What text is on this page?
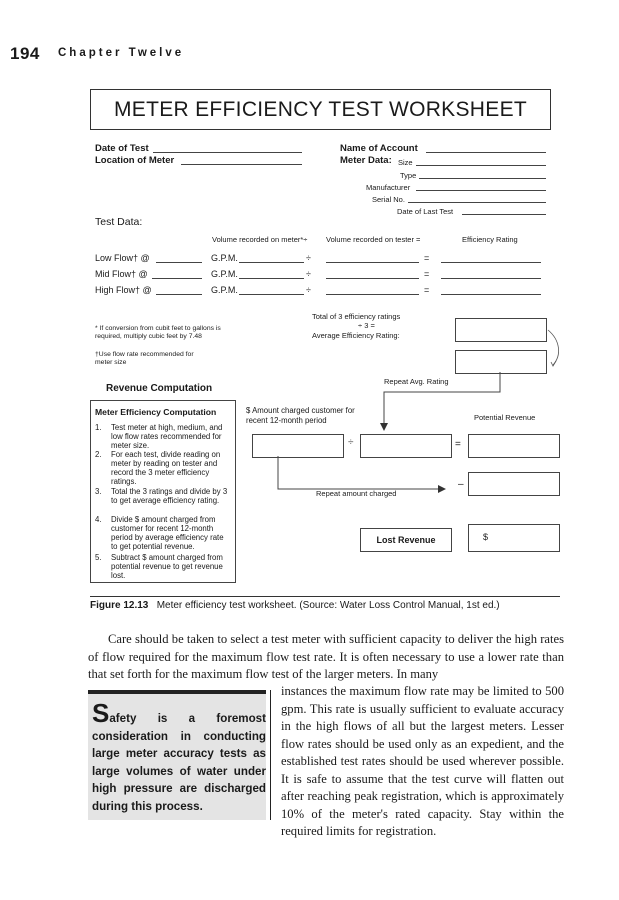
194 Chapter Twelve
METER EFFICIENCY TEST WORKSHEET
Date of Test
Location of Meter
Name of Account
Meter Data: Size
Type
Manufacturer
Serial No.
Date of Last Test
Test Data:
Volume recorded on meter*÷ Volume recorded on tester =	Efficiency Rating
Low Flow† @	G.P.M.	÷	=
Mid Flow† @	G.P.M.	÷	=
High Flow† @	G.P.M.	÷	=
Total of 3 efficiency ratings
÷ 3 =
Average Efficiency Rating:
* If conversion from cubit feet to gallons is required, multiply cubic feet by 7.48
†Use flow rate recommended for meter size
Repeat Avg. Rating
Revenue Computation
Meter Efficiency Computation
1. Test meter at high, medium, and low flow rates recommended for meter size.
2. For each test, divide reading on meter by reading on tester and record the 3 meter efficiency ratings.
3. Total the 3 ratings and divide by 3 to get average efficiency rating.
4. Divide $ amount charged from customer for recent 12-month period by average efficiency rate to get potential revenue.
5. Subtract $ amount charged from potential revenue to get revenue lost.
$ Amount charged customer for recent 12-month period	Potential Revenue
÷	=
Repeat amount charged
–
Lost Revenue	$
Figure 12.13 Meter efficiency test worksheet. (Source: Water Loss Control Manual, 1st ed.)
Care should be taken to select a test meter with sufficient capacity to deliver the high rates of flow required for the maximum flow test rate. It is often necessary to use a lower rate than that set forth for the maximum flow test of the larger meters. In many
instances the maximum flow rate may be limited to 500 gpm. This rate is usually sufficient to evaluate accuracy in the high flows of all but the largest meters. Lesser flow rates should be used only as an expedient, and the established test rates should be used wherever possible. It is safe to assume that the test curve will flatten out after reaching peak registration, which is approximately 10% of the meter's rated capacity. Stay within the required limits for registration.

Safety is a foremost consideration in conducting large meter accuracy tests as large volumes of water under high pressure are discharged during this process.
